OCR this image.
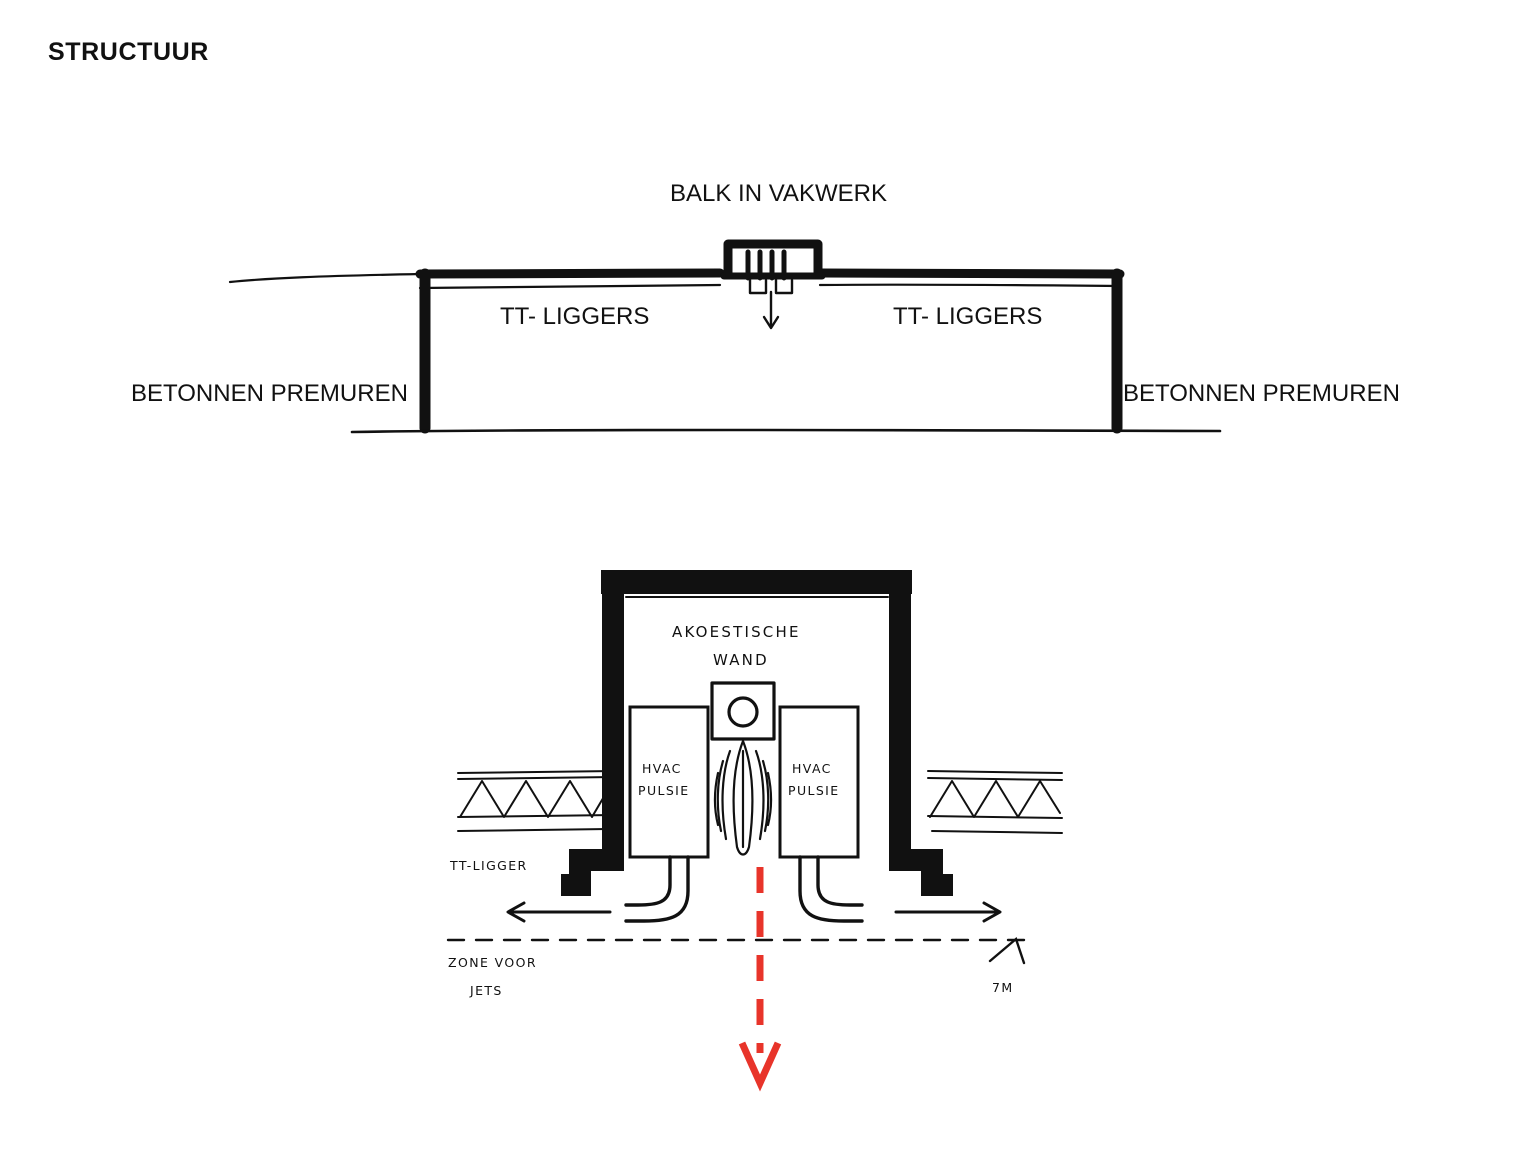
STRUCTUUR
BALK IN VAKWERK
TT- LIGGERS	TT- LIGGERS
BETONNEN PREMUREN	BETONNEN PREMUREN
AKOESTISCHE
WAND
HVAC
PULSIE
HVAC
PULSIE
7M
TT-LIGGER
ZONE VOOR
JETS
